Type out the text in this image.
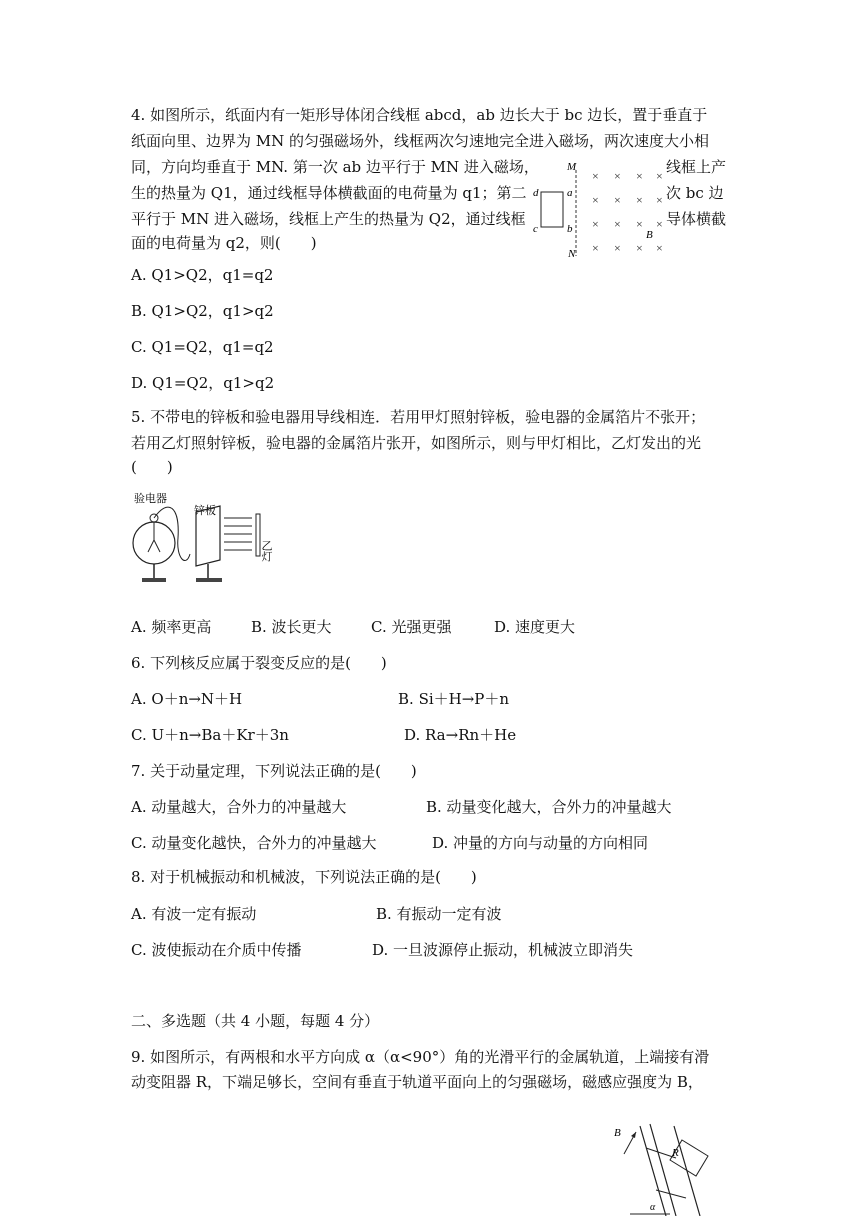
4. 如图所示，纸面内有一矩形导体闭合线框 abcd，ab 边长大于 bc 边长，置于垂直于
纸面向里、边界为 MN 的匀强磁场外，线框两次匀速地完全进入磁场，两次速度大小相
同，方向均垂直于 MN. 第一次 ab 边平行于 MN 进入磁场，
生的热量为 Q1，通过线框导体横截面的电荷量为 q1；第二
平行于 MN 进入磁场，线框上产生的热量为 Q2，通过线框
面的电荷量为 q2，则(　　)
线框上产
次 bc 边
导体横截
M
N
a
b
d
c
× × × ×
× × × ×
× × × ×
× × × ×
B
A. Q1>Q2，q1=q2
B. Q1>Q2，q1>q2
C. Q1=Q2，q1=q2
D. Q1=Q2，q1>q2
5. 不带电的锌板和验电器用导线相连．若用甲灯照射锌板，验电器的金属箔片不张开；
若用乙灯照射锌板，验电器的金属箔片张开，如图所示，则与甲灯相比，乙灯发出的光
(　　)
验电器
锌板
乙灯
A. 频率更高	B. 波长更大	C. 光强更强	D. 速度更大
6. 下列核反应属于裂变反应的是(　　)
A. O＋n→N＋H	B. Si＋H→P＋n
C. U＋n→Ba＋Kr＋3n	D. Ra→Rn＋He
7. 关于动量定理，下列说法正确的是(　　)
A. 动量越大，合外力的冲量越大	B. 动量变化越大，合外力的冲量越大
C. 动量变化越快，合外力的冲量越大	D. 冲量的方向与动量的方向相同
8. 对于机械振动和机械波，下列说法正确的是(　　)
A. 有波一定有振动	B. 有振动一定有波
C. 波使振动在介质中传播	D. 一旦波源停止振动，机械波立即消失
二、多选题（共 4 小题，每题 4 分）
9. 如图所示，有两根和水平方向成 α（α<90°）角的光滑平行的金属轨道，上端接有滑
动变阻器 R，下端足够长，空间有垂直于轨道平面向上的匀强磁场，磁感应强度为 B，
B
R
α
